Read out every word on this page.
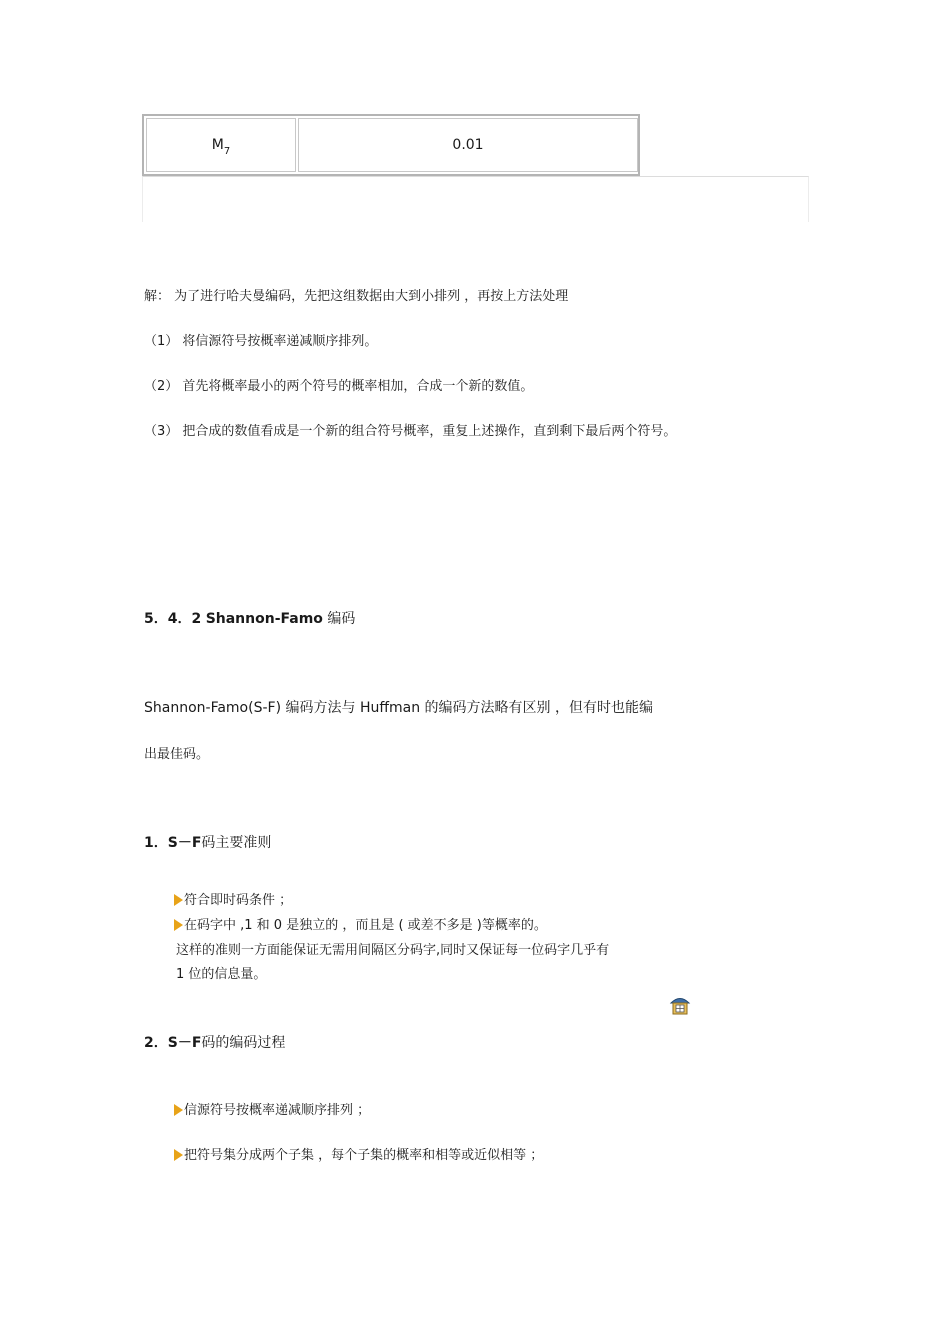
$M_7$	0.01
解： 为了进行哈夫曼编码，先把这组数据由大到小排列 ，再按上方法处理
（1） 将信源符号按概率递减顺序排列。
（2） 首先将概率最小的两个符号的概率相加，合成一个新的数值。
（3） 把合成的数值看成是一个新的组合符号概率，重复上述操作，直到剩下最后两个符号。
5．4．2 Shannon-Famo 编码
Shannon-Famo(S-F) 编码方法与 Huffman 的编码方法略有区别 ，但有时也能编
出最佳码。
1．S－F码主要准则
符合即时码条件 ；
在码字中 ,1 和 0 是独立的 ，而且是 ( 或差不多是 )等概率的。
这样的准则一方面能保证无需用间隔区分码字,同时又保证每一位码字几乎有
1 位的信息量。
2．S－F码的编码过程
信源符号按概率递减顺序排列 ；
把符号集分成两个子集 ，每个子集的概率和相等或近似相等 ；
